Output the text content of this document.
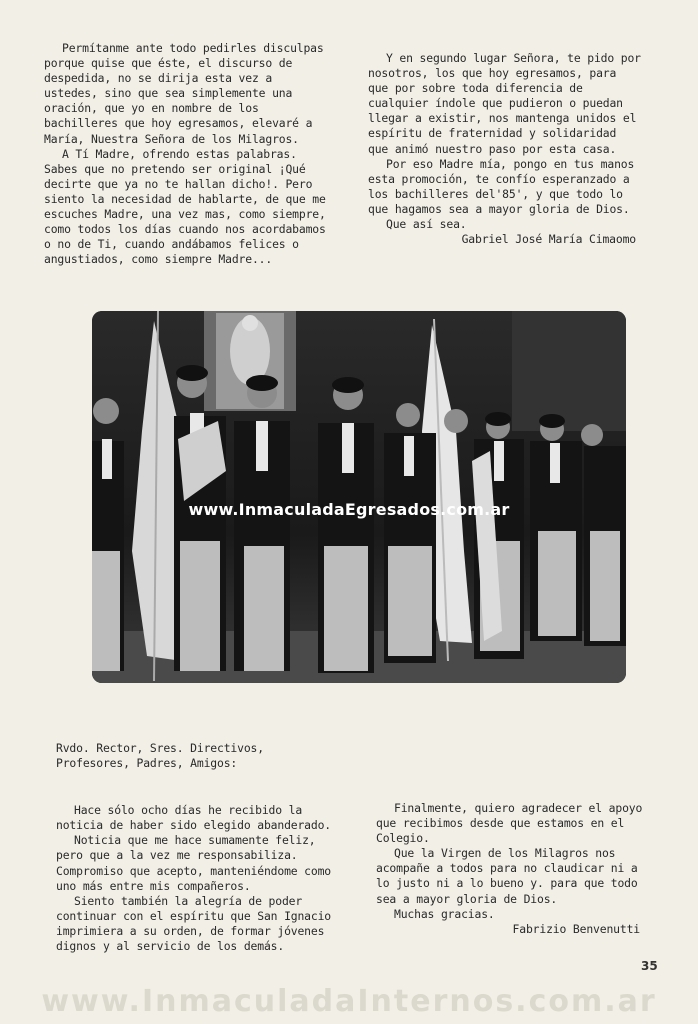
Permítanme ante todo pedirles disculpas porque quise que éste, el discurso de despedida, no se dirija esta vez a ustedes, sino que sea simplemente una oración, que yo en nombre de los bachilleres que hoy egresamos, elevaré a María, Nuestra Señora de los Milagros.

A Tí Madre, ofrendo estas palabras. Sabes que no pretendo ser original ¡Qué decirte que ya no te hallan dicho!. Pero siento la necesidad de hablarte, de que me escuches Madre, una vez mas, como siempre, como todos los días cuando nos acordabamos o no de Ti, cuando andábamos felices o angustiados, como siempre Madre...

Y en segundo lugar Señora, te pido por nosotros, los que hoy egresamos, para que por sobre toda diferencia de cualquier índole que pudieron o puedan llegar a existir, nos mantenga unidos el espíritu de fraternidad y solidaridad que animó nuestro paso por esta casa.

Por eso Madre mía, pongo en tus manos esta promoción, te confío esperanzado a los bachilleres del'85', y que todo lo que hagamos sea a mayor gloria de Dios.

Que así sea.

Gabriel José María Cimaomo

www.InmaculadaEgresados.com.ar

Rvdo. Rector, Sres. Directivos, Profesores, Padres, Amigos:

Hace sólo ocho días he recibido la noticia de haber sido elegido abanderado.

Noticia que me hace sumamente feliz, pero que a la vez me responsabiliza. Compromiso que acepto, manteniéndome como uno más entre mis compañeros.

Siento también la alegría de poder continuar con el espíritu que San Ignacio imprimiera a su orden, de formar jóvenes dignos y al servicio de los demás.

Finalmente, quiero agradecer el apoyo que recibimos desde que estamos en el Colegio.

Que la Virgen de los Milagros nos acompañe a todos para no claudicar ni a lo justo ni a lo bueno y. para que todo sea a mayor gloria de Dios.

Muchas gracias.

Fabrizio Benvenutti

35
www.InmaculadaInternos.com.ar
